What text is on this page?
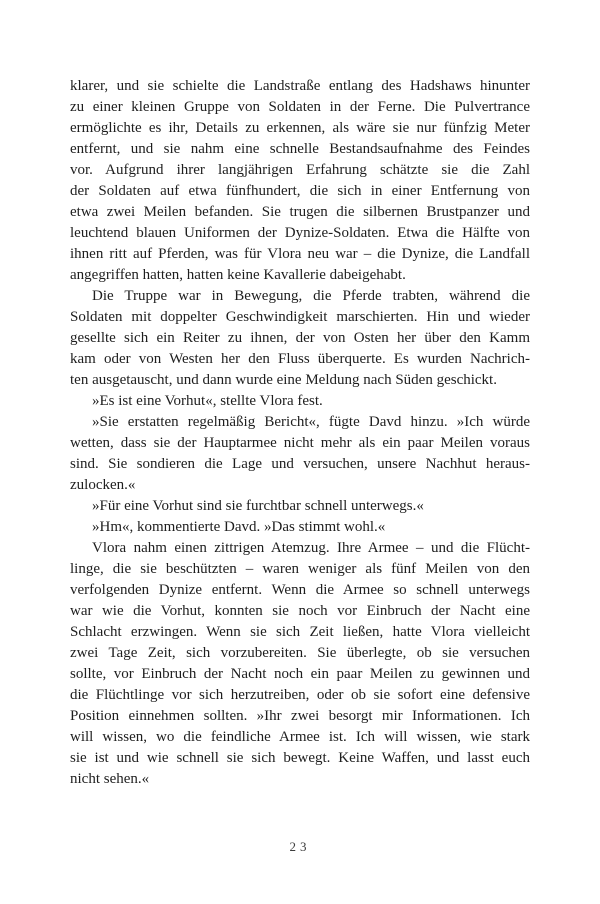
klarer, und sie schielte die Landstraße entlang des Hadshaws hinunter
zu einer kleinen Gruppe von Soldaten in der Ferne. Die Pulvertrance
ermöglichte es ihr, Details zu erkennen, als wäre sie nur fünfzig Meter
entfernt, und sie nahm eine schnelle Bestandsaufnahme des Feindes
vor. Aufgrund ihrer langjährigen Erfahrung schätzte sie die Zahl
der Soldaten auf etwa fünfhundert, die sich in einer Entfernung von
etwa zwei Meilen befanden. Sie trugen die silbernen Brustpanzer und
leuchtend blauen Uniformen der Dynize-Soldaten. Etwa die Hälfte von
ihnen ritt auf Pferden, was für Vlora neu war – die Dynize, die Landfall
angegriffen hatten, hatten keine Kavallerie dabeigehabt.
Die Truppe war in Bewegung, die Pferde trabten, während die
Soldaten mit doppelter Geschwindigkeit marschierten. Hin und wieder
gesellte sich ein Reiter zu ihnen, der von Osten her über den Kamm
kam oder von Westen her den Fluss überquerte. Es wurden Nachrich-
ten ausgetauscht, und dann wurde eine Meldung nach Süden geschickt.
»Es ist eine Vorhut«, stellte Vlora fest.
»Sie erstatten regelmäßig Bericht«, fügte Davd hinzu. »Ich würde
wetten, dass sie der Hauptarmee nicht mehr als ein paar Meilen voraus
sind. Sie sondieren die Lage und versuchen, unsere Nachhut heraus-
zulocken.«
»Für eine Vorhut sind sie furchtbar schnell unterwegs.«
»Hm«, kommentierte Davd. »Das stimmt wohl.«
Vlora nahm einen zittrigen Atemzug. Ihre Armee – und die Flücht-
linge, die sie beschützten – waren weniger als fünf Meilen von den
verfolgenden Dynize entfernt. Wenn die Armee so schnell unterwegs
war wie die Vorhut, konnten sie noch vor Einbruch der Nacht eine
Schlacht erzwingen. Wenn sie sich Zeit ließen, hatte Vlora vielleicht
zwei Tage Zeit, sich vorzubereiten. Sie überlegte, ob sie versuchen
sollte, vor Einbruch der Nacht noch ein paar Meilen zu gewinnen und
die Flüchtlinge vor sich herzutreiben, oder ob sie sofort eine defensive
Position einnehmen sollten. »Ihr zwei besorgt mir Informationen. Ich
will wissen, wo die feindliche Armee ist. Ich will wissen, wie stark
sie ist und wie schnell sie sich bewegt. Keine Waffen, und lasst euch
nicht sehen.«
23
